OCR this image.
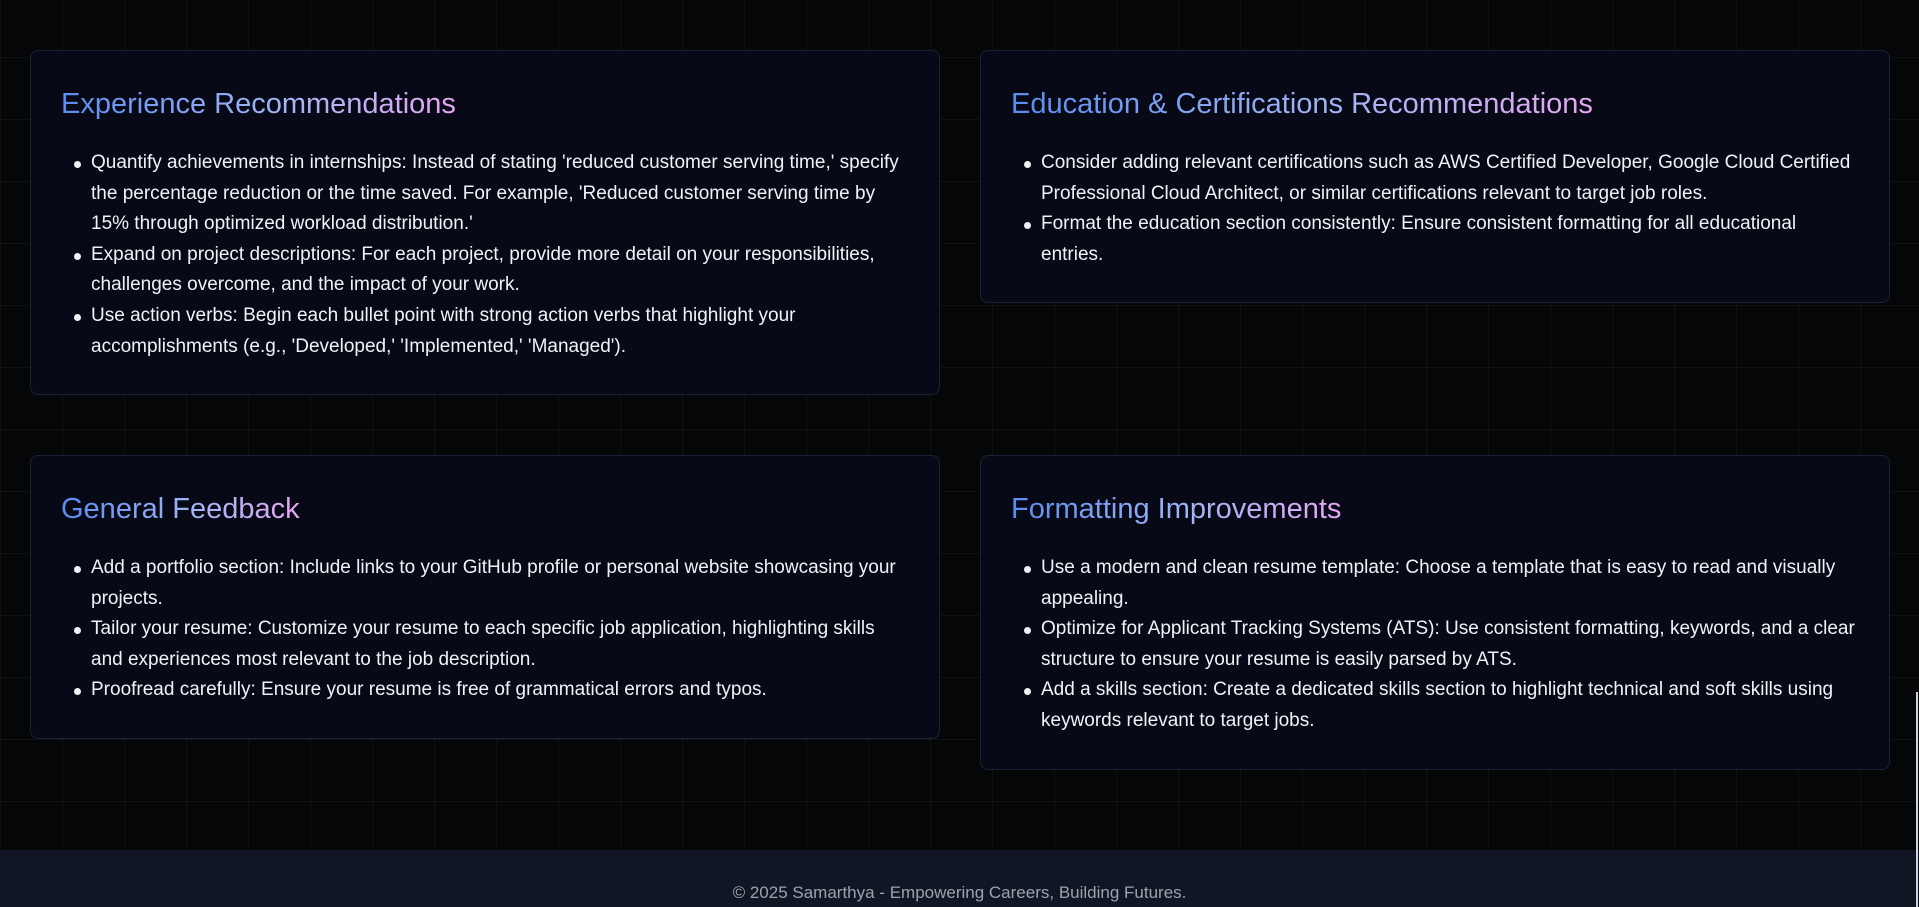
Experience Recommendations
Quantify achievements in internships: Instead of stating 'reduced customer serving time,' specify the percentage reduction or the time saved. For example, 'Reduced customer serving time by 15% through optimized workload distribution.'
Expand on project descriptions: For each project, provide more detail on your responsibilities, challenges overcome, and the impact of your work.
Use action verbs: Begin each bullet point with strong action verbs that highlight your accomplishments (e.g., 'Developed,' 'Implemented,' 'Managed').
Education & Certifications Recommendations
Consider adding relevant certifications such as AWS Certified Developer, Google Cloud Certified Professional Cloud Architect, or similar certifications relevant to target job roles.
Format the education section consistently: Ensure consistent formatting for all educational entries.
General Feedback
Add a portfolio section: Include links to your GitHub profile or personal website showcasing your projects.
Tailor your resume: Customize your resume to each specific job application, highlighting skills and experiences most relevant to the job description.
Proofread carefully: Ensure your resume is free of grammatical errors and typos.
Formatting Improvements
Use a modern and clean resume template: Choose a template that is easy to read and visually appealing.
Optimize for Applicant Tracking Systems (ATS): Use consistent formatting, keywords, and a clear structure to ensure your resume is easily parsed by ATS.
Add a skills section: Create a dedicated skills section to highlight technical and soft skills using keywords relevant to target jobs.
© 2025 Samarthya - Empowering Careers, Building Futures.
